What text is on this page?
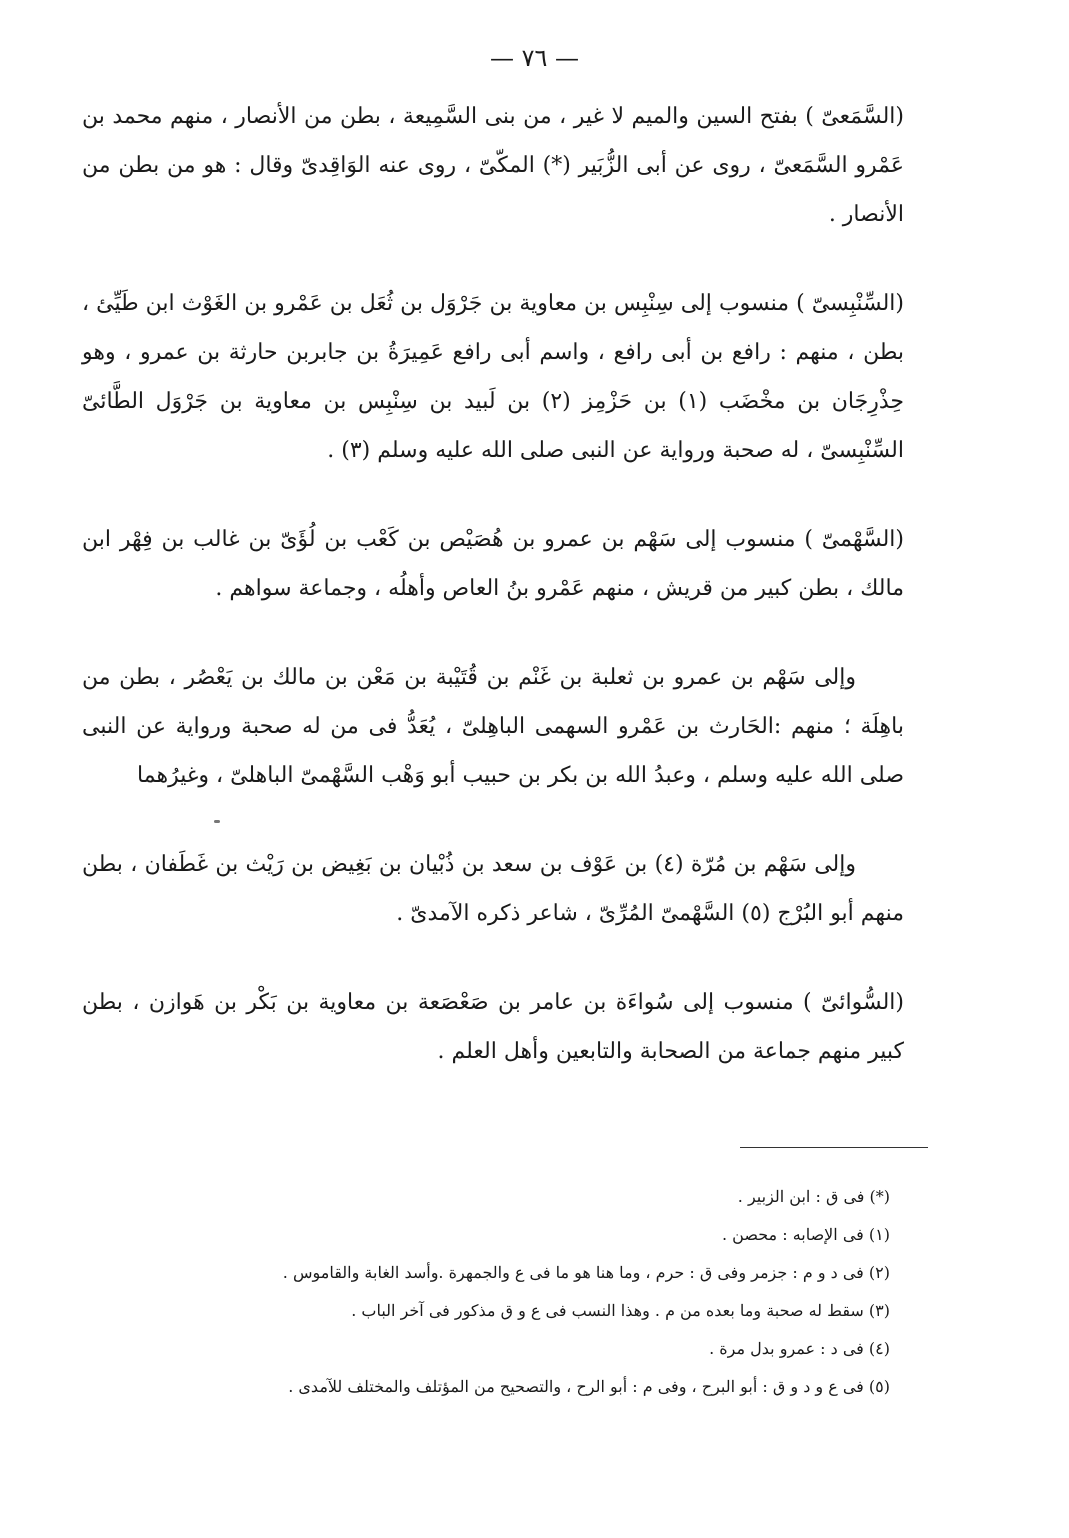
— ٧٦ —

(السَّمَعىّ ) بفتح السين والميم لا غير ، من بنى السَّمِيعة ، بطن من الأنصار ، منهم محمد بن عَمْرو السَّمَعىّ ، روى عن أبى الزُّبَير (*) المكّىّ ، روى عنه الوَاقِدىّ وقال : هو من بطن من الأنصار .

(السِّنْبِسىّ ) منسوب إلى سِنْبِس بن معاوية بن جَرْوَل بن ثُعَل بن عَمْرو بن الغَوْث ابن طَيِّئ ، بطن ، منهم : رافع بن أبى رافع ، واسم أبى رافع عَمِيرَةُ بن جابربن حارثة بن عمرو ، وهو حِذْرِجَان بن مخْضَب (١) بن حَزْمِز (٢) بن لَبيد بن سِنْبِس بن معاوية بن جَرْوَل الطَّائىّ السِّنْبِسىّ ، له صحبة ورواية عن النبى صلى الله عليه وسلم (٣) .

(السَّهْمىّ ) منسوب إلى سَهْم بن عمرو بن هُصَيْص بن كَعْب بن لُؤَىّ بن غالب بن فِهْر ابن مالك ، بطن كبير من قريش ، منهم عَمْرو بنُ العاص وأهلُه ، وجماعة سواهم .

وإلى سَهْم بن عمرو بن ثعلبة بن غَنْم بن قُتَيْبة بن مَعْن بن مالك بن يَعْصُر ، بطن من باهِلَة ؛ منهم :الحَارث بن عَمْرو السهمى الباهِلىّ ، يُعَدُّ فى من له صحبة ورواية عن النبى صلى الله عليه وسلم ، وعبدُ الله بن بكر بن حبيب أبو وَهْب السَّهْمىّ الباهلىّ ، وغيرُهما

وإلى سَهْم بن مُرّة (٤) بن عَوْف بن سعد بن ذُبْيان بن بَغِيض بن رَيْث بن غَطَفان ، بطن منهم أبو البُرْج (٥) السَّهْمىّ المُرِّىّ ، شاعر ذكره الآمدىّ .

(السُّوائىّ ) منسوب إلى سُواءَة بن عامر بن صَعْصَعة بن معاوية بن بَكْر بن هَوازن ، بطن كبير منهم جماعة من الصحابة والتابعين وأهل العلم .

(*) فى ق : ابن الزبير .

(١) فى الإصابه : محصن .

(٢) فى د و م : جزمر وفى ق : حرم ، وما هنا هو ما فى ع والجمهرة .وأسد الغابة والقاموس .

(٣) سقط له صحبة وما بعده من م . وهذا النسب فى ع و ق مذكور فى آخر الباب .

(٤) فى د : عمرو بدل مرة .

(٥) فى ع و د و ق : أبو البرح ، وفى م : أبو الرح ، والتصحيح من المؤتلف والمختلف للآمدى .
